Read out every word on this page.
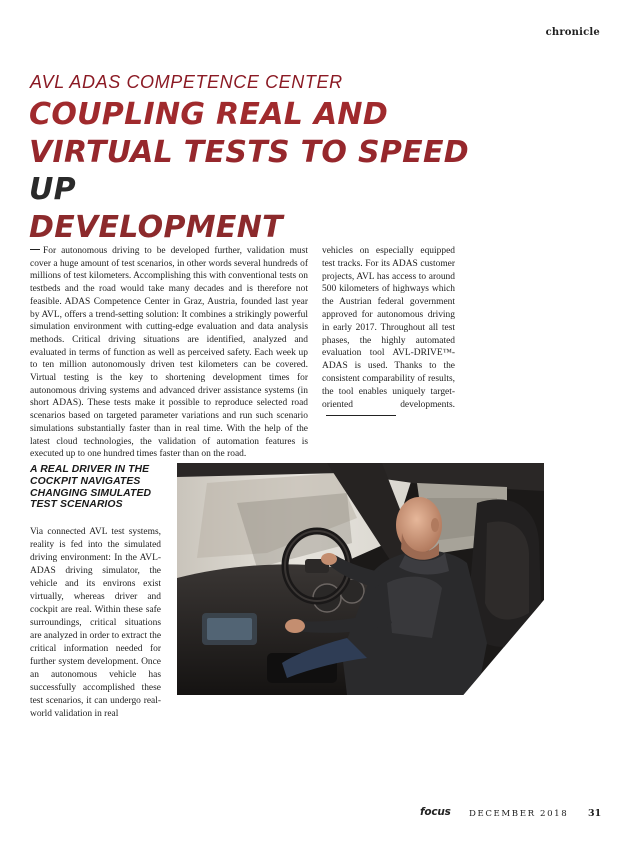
chronicle
AVL ADAS COMPETENCE CENTER
COUPLING REAL AND
VIRTUAL TESTS TO SPEED
UP
DEVELOPMENT
For autonomous driving to be developed further, validation must cover a huge amount of test scenarios, in other words several hundreds of millions of test kilometers. Accomplishing this with conventional tests on testbeds and the road would take many decades and is therefore not feasible. ADAS Competence Center in Graz, Austria, founded last year by AVL, offers a trend-setting solution: It combines a strikingly powerful simulation environment with cutting-edge evaluation and data analysis methods. Critical driving situations are identified, analyzed and evaluated in terms of function as well as perceived safety. Each week up to ten million autonomously driven test kilometers can be covered. Virtual testing is the key to shortening development times for autonomous driving systems and advanced driver assistance systems (in short ADAS). These tests make it possible to reproduce selected road scenarios based on targeted parameter variations and run such scenario simulations substantially faster than in real time. With the help of the latest cloud technologies, the validation of automation features is executed up to one hundred times faster than on the road.
vehicles on especially equipped test tracks. For its ADAS customer projects, AVL has access to around 500 kilometers of highways which the Austrian federal government approved for autonomous driving in early 2017. Throughout all test phases, the highly automated evaluation tool AVL-DRIVE™-ADAS is used. Thanks to the consistent comparability of results, the tool enables uniquely target-oriented developments.
A REAL DRIVER IN THE COCKPIT NAVIGATES CHANGING SIMULATED TEST SCENARIOS
Via connected AVL test systems, reality is fed into the simulated driving environment: In the AVL-ADAS driving simulator, the vehicle and its environs exist virtually, whereas driver and cockpit are real. Within these safe surroundings, critical situations are analyzed in order to extract the critical information needed for further system development. Once an autonomous vehicle has successfully accomplished these test scenarios, it can undergo real-world validation in real
focus DECEMBER 2018 31
